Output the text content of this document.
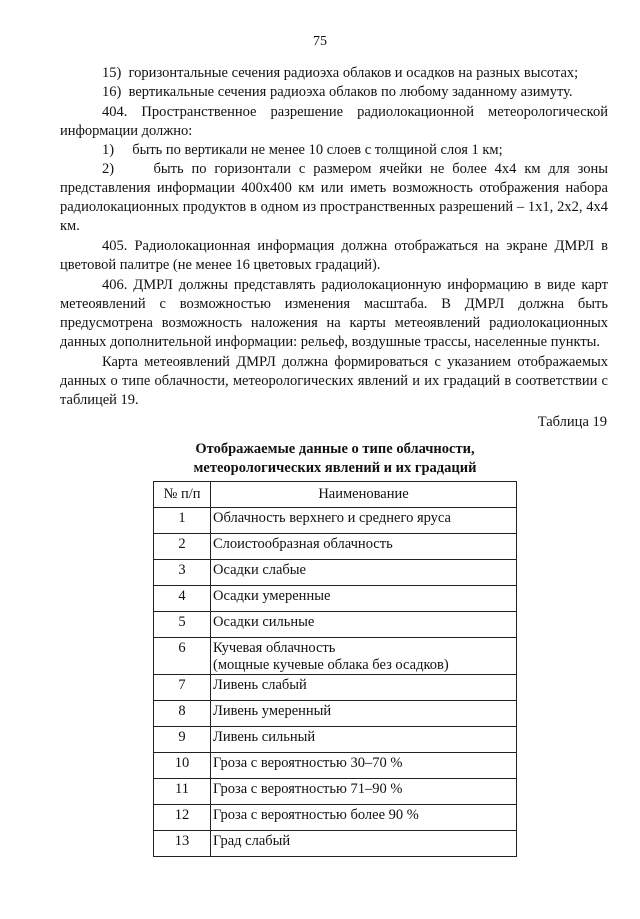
75

15) горизонтальные сечения радиоэха облаков и осадков на разных высотах;

16) вертикальные сечения радиоэха облаков по любому заданному азимуту.

404. Пространственное разрешение радиолокационной метеорологической информации должно:

1) быть по вертикали не менее 10 слоев с толщиной слоя 1 км;

2)	быть по горизонтали с размером ячейки не более 4x4 км для зоны представления информации 400x400 км или иметь возможность отображения набора радиолокационных продуктов в одном из пространственных разрешений – 1x1, 2x2, 4x4 км.

405. Радиолокационная информация должна отображаться на экране ДМРЛ в цветовой палитре (не менее 16 цветовых градаций).

406. ДМРЛ должны представлять радиолокационную информацию в виде карт метеоявлений с возможностью изменения масштаба. В ДМРЛ должна быть предусмотрена возможность наложения на карты метеоявлений радиолокационных данных дополнительной информации: рельеф, воздушные трассы, населенные пункты.

Карта метеоявлений ДМРЛ должна формироваться с указанием отображаемых данных о типе облачности, метеорологических явлений и их градаций в соответствии с таблицей 19.

Таблица 19
Отображаемые данные о типе облачности,
метеорологических явлений и их градаций
№ п/п	Наименование
1	Облачность верхнего и среднего яруса
2	Слоистообразная облачность
3	Осадки слабые
4	Осадки умеренные
5	Осадки сильные
6	Кучевая облачность
(мощные кучевые облака без осадков)

7	Ливень слабый
8	Ливень умеренный
9	Ливень сильный
10	Гроза с вероятностью 30–70 %
11	Гроза с вероятностью 71–90 %
12	Гроза с вероятностью более 90 %
13	Град слабый
